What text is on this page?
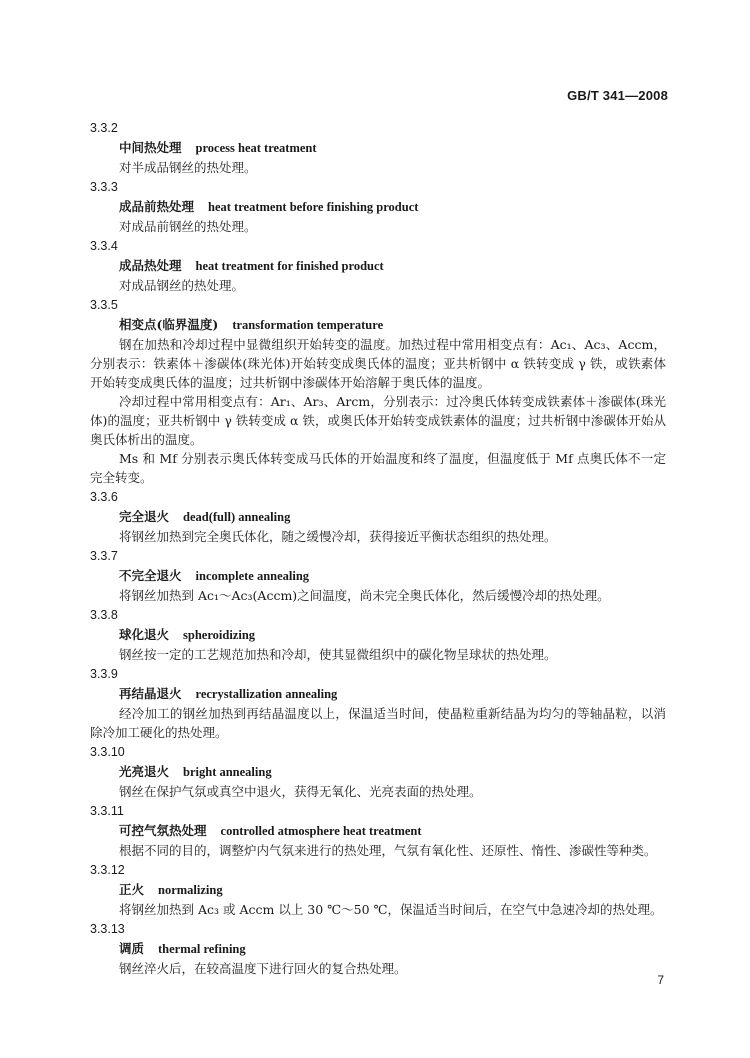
GB/T 341—2008
3.3.2
中间热处理 process heat treatment

对半成品钢丝的热处理。

3.3.3
成品前热处理 heat treatment before finishing product

对成品前钢丝的热处理。

3.3.4
成品热处理 heat treatment for finished product

对成品钢丝的热处理。

3.3.5
相变点(临界温度) transformation temperature

钢在加热和冷却过程中显微组织开始转变的温度。加热过程中常用相变点有：Ac₁、Ac₃、Accm，分别表示：铁素体＋渗碳体(珠光体)开始转变成奥氏体的温度；亚共析钢中 α 铁转变成 γ 铁，或铁素体开始转变成奥氏体的温度；过共析钢中渗碳体开始溶解于奥氏体的温度。

冷却过程中常用相变点有：Ar₁、Ar₃、Arcm，分别表示：过冷奥氏体转变成铁素体＋渗碳体(珠光体)的温度；亚共析钢中 γ 铁转变成 α 铁，或奥氏体开始转变成铁素体的温度；过共析钢中渗碳体开始从奥氏体析出的温度。

Ms 和 Mf 分别表示奥氏体转变成马氏体的开始温度和终了温度，但温度低于 Mf 点奥氏体不一定完全转变。

3.3.6
完全退火 dead(full) annealing

将钢丝加热到完全奥氏体化，随之缓慢冷却，获得接近平衡状态组织的热处理。

3.3.7
不完全退火 incomplete annealing

将钢丝加热到 Ac₁～Ac₃(Accm)之间温度，尚未完全奥氏体化，然后缓慢冷却的热处理。

3.3.8
球化退火 spheroidizing

钢丝按一定的工艺规范加热和冷却，使其显微组织中的碳化物呈球状的热处理。

3.3.9
再结晶退火 recrystallization annealing

经冷加工的钢丝加热到再结晶温度以上，保温适当时间，使晶粒重新结晶为均匀的等轴晶粒，以消除冷加工硬化的热处理。

3.3.10
光亮退火 bright annealing

钢丝在保护气氛或真空中退火，获得无氧化、光亮表面的热处理。

3.3.11
可控气氛热处理 controlled atmosphere heat treatment

根据不同的目的，调整炉内气氛来进行的热处理，气氛有氧化性、还原性、惰性、渗碳性等种类。

3.3.12
正火 normalizing

将钢丝加热到 Ac₃ 或 Accm 以上 30 ℃～50 ℃，保温适当时间后，在空气中急速冷却的热处理。

3.3.13
调质 thermal refining

钢丝淬火后，在较高温度下进行回火的复合热处理。

7
